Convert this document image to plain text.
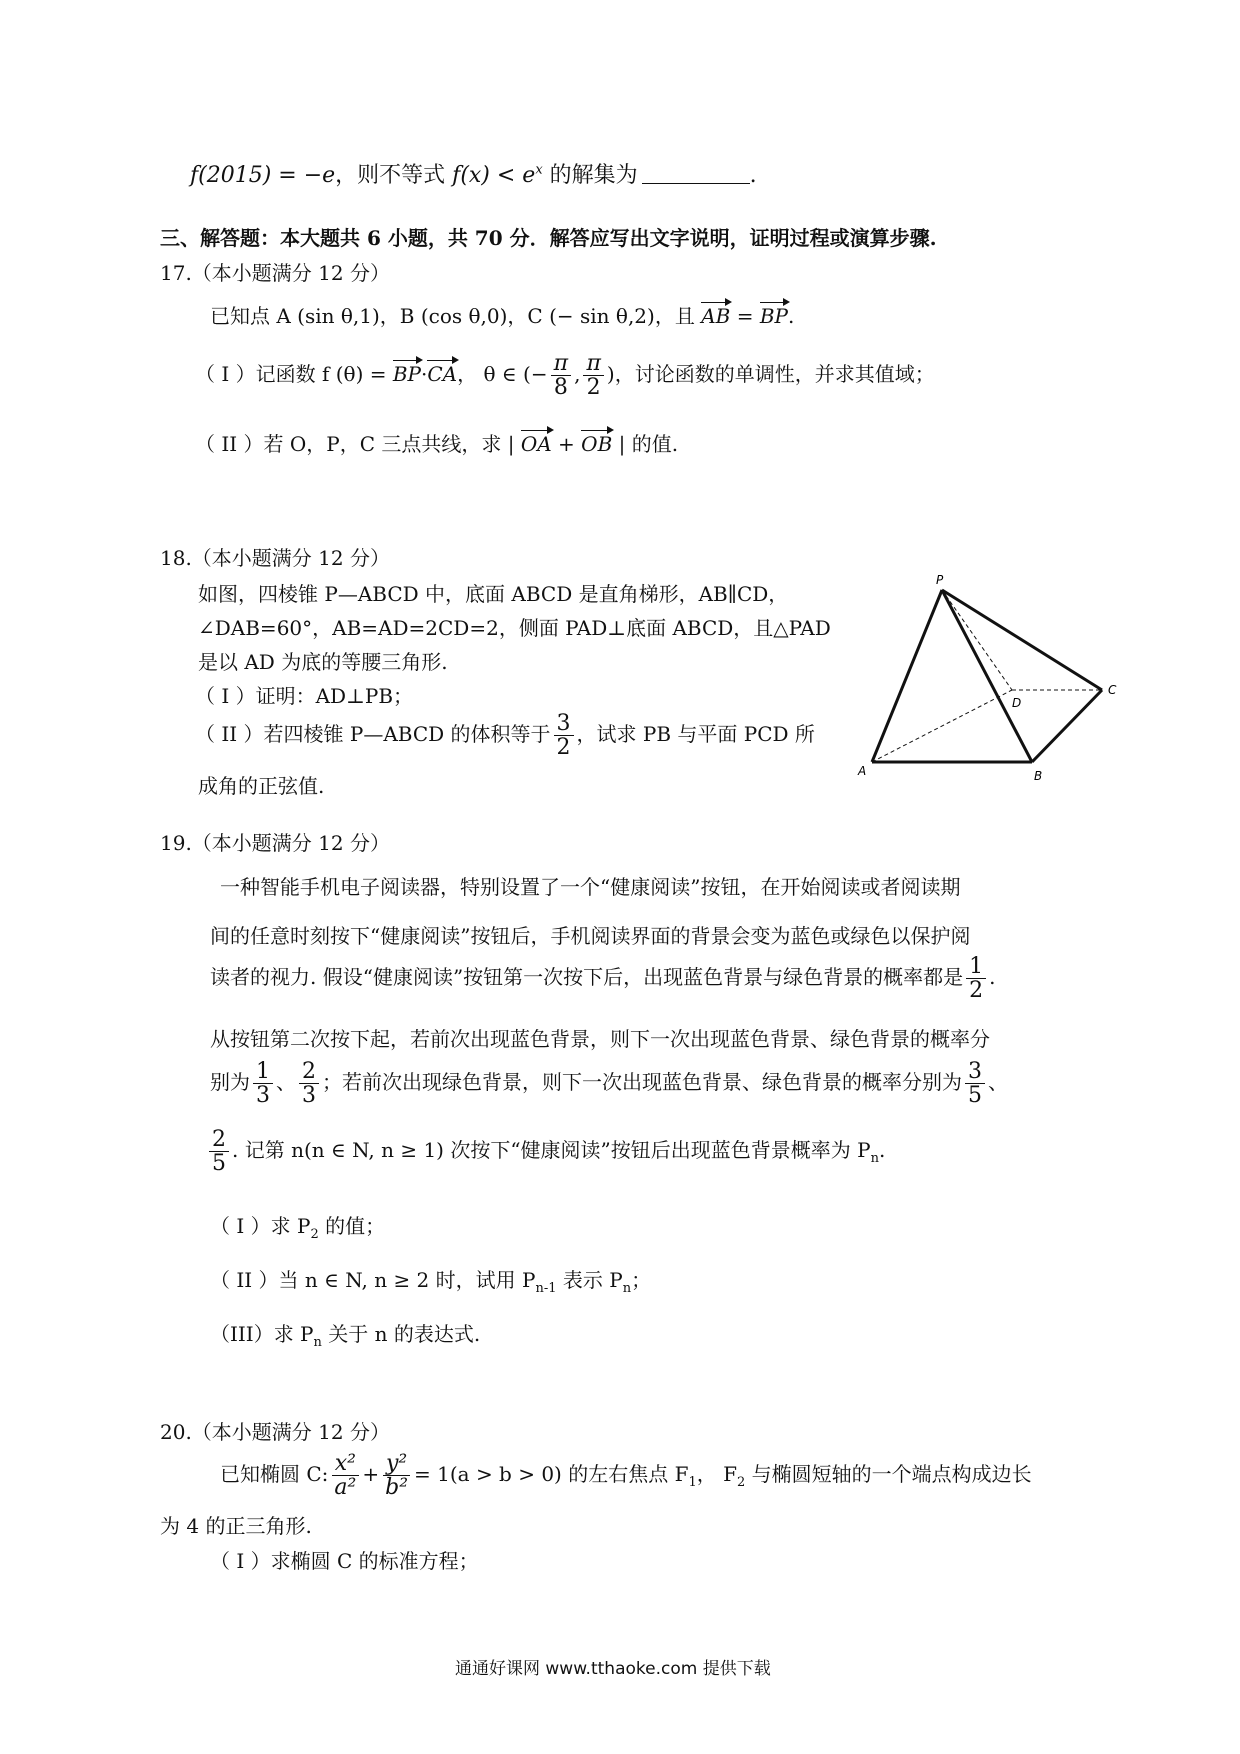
f(2015) = −e，则不等式 $f(x) < e^x$ 的解集为	.
三、解答题：本大题共 6 小题，共 70 分．解答应写出文字说明，证明过程或演算步骤.
17.（本小题满分 12 分）
已知点 A (sin θ,1)，B (cos θ,0)，C (− sin θ,2)，且 AB = BP.
（ I ）记函数 f (θ) = BP·CA， θ ∈ (− $\frac{\pi}{8}$ , $\frac{\pi}{2}$ )，讨论函数的单调性，并求其值域；
（ II ）若 O，P，C 三点共线，求 | OA + OB | 的值.
18.（本小题满分 12 分）
如图，四棱锥 P—ABCD 中，底面 ABCD 是直角梯形，AB∥CD，
∠DAB=60°，AB=AD=2CD=2，侧面 PAD⊥底面 ABCD，且△PAD
是以 AD 为底的等腰三角形.
（ I ）证明：AD⊥PB；
（ II ）若四棱锥 P—ABCD 的体积等于 $\frac{3}{2}$ ，试求 PB 与平面 PCD 所
成角的正弦值.
P
D
C
A	B
19.（本小题满分 12 分）
一种智能手机电子阅读器，特别设置了一个“健康阅读”按钮，在开始阅读或者阅读期
间的任意时刻按下“健康阅读”按钮后，手机阅读界面的背景会变为蓝色或绿色以保护阅
读者的视力. 假设“健康阅读”按钮第一次按下后，出现蓝色背景与绿色背景的概率都是 $\frac{1}{2}$ .
从按钮第二次按下起，若前次出现蓝色背景，则下一次出现蓝色背景、绿色背景的概率分
别为 $\frac{1}{3}$ 、 $\frac{2}{3}$ ；若前次出现绿色背景，则下一次出现蓝色背景、绿色背景的概率分别为 $\frac{3}{5}$ 、
$\frac{2}{5}$ . 记第 n(n ∈ N, n ≥ 1) 次按下“健康阅读”按钮后出现蓝色背景概率为 $P_n$.
（ I ）求 $P_2$ 的值；
（ II ）当 n ∈ N, n ≥ 2 时，试用 $P_{n-1}$ 表示 $P_n$；
（III）求 $P_n$ 关于 n 的表达式.
20.（本小题满分 12 分）
已知椭圆 C: $\frac{\text{x²}}{\text{a²}} + \frac{\text{y²}}{\text{b²}} = 1(a > b > 0)$ 的左右焦点 $F_1$， $F_2$ 与椭圆短轴的一个端点构成边长
为 4 的正三角形.
（ I ）求椭圆 C 的标准方程；
通通好课网 www.tthaoke.com 提供下载
